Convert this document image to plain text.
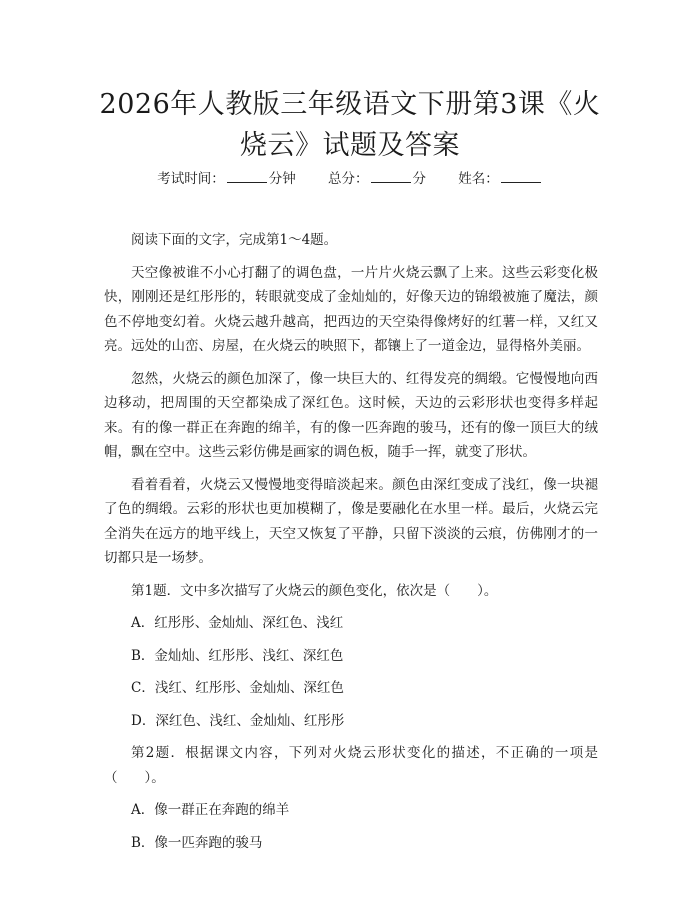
2026年人教版三年级语文下册第3课《火烧云》试题及答案
考试时间：	分钟 总分：	分 姓名：

阅读下面的文字，完成第1～4题。

天空像被谁不小心打翻了的调色盘，一片片火烧云飘了上来。这些云彩变化极快，刚刚还是红彤彤的，转眼就变成了金灿灿的，好像天边的锦缎被施了魔法，颜色不停地变幻着。火烧云越升越高，把西边的天空染得像烤好的红薯一样，又红又亮。远处的山峦、房屋，在火烧云的映照下，都镶上了一道金边，显得格外美丽。

忽然，火烧云的颜色加深了，像一块巨大的、红得发亮的绸缎。它慢慢地向西边移动，把周围的天空都染成了深红色。这时候，天边的云彩形状也变得多样起来。有的像一群正在奔跑的绵羊，有的像一匹奔跑的骏马，还有的像一顶巨大的绒帽，飘在空中。这些云彩仿佛是画家的调色板，随手一挥，就变了形状。

看着看着，火烧云又慢慢地变得暗淡起来。颜色由深红变成了浅红，像一块褪了色的绸缎。云彩的形状也更加模糊了，像是要融化在水里一样。最后，火烧云完全消失在远方的地平线上，天空又恢复了平静，只留下淡淡的云痕，仿佛刚才的一切都只是一场梦。

第1题．文中多次描写了火烧云的颜色变化，依次是（　　）。

A．红彤彤、金灿灿、深红色、浅红

B．金灿灿、红彤彤、浅红、深红色

C．浅红、红彤彤、金灿灿、深红色

D．深红色、浅红、金灿灿、红彤彤

第2题．根据课文内容，下列对火烧云形状变化的描述，不正确的一项是（　　）。

A．像一群正在奔跑的绵羊

B．像一匹奔跑的骏马
